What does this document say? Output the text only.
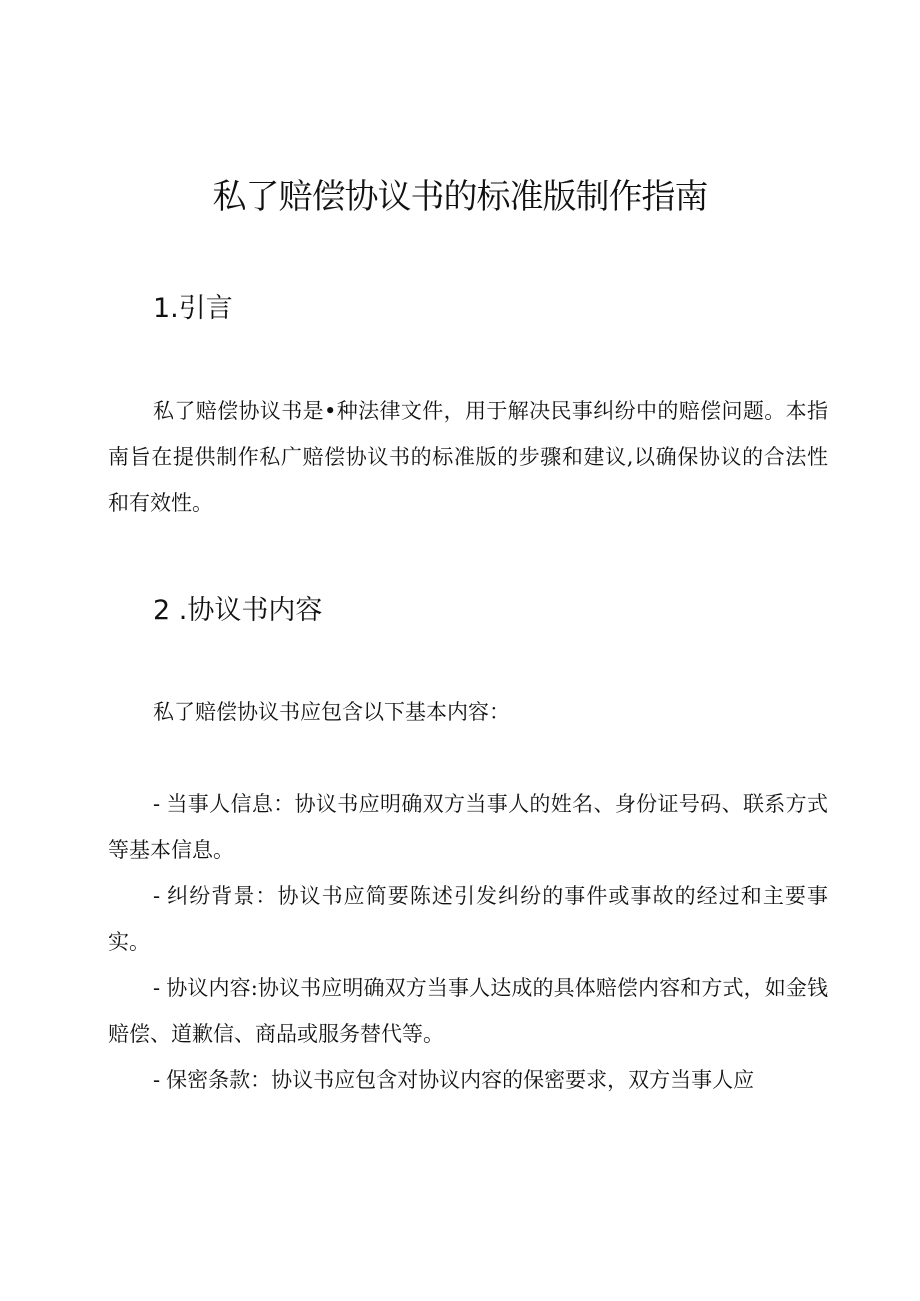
私了赔偿协议书的标准版制作指南
1.引言

私了赔偿协议书是•种法律文件，用于解决民事纠纷中的赔偿问题。本指南旨在提供制作私广赔偿协议书的标准版的步骤和建议,以确保协议的合法性和有效性。

2 .协议书内容

私了赔偿协议书应包含以下基本内容：

- 当事人信息：协议书应明确双方当事人的姓名、身份证号码、联系方式等基本信息。
- 纠纷背景：协议书应简要陈述引发纠纷的事件或事故的经过和主要事实。
- 协议内容:协议书应明确双方当事人达成的具体赔偿内容和方式，如金钱赔偿、道歉信、商品或服务替代等。
- 保密条款：协议书应包含对协议内容的保密要求，双方当事人应
